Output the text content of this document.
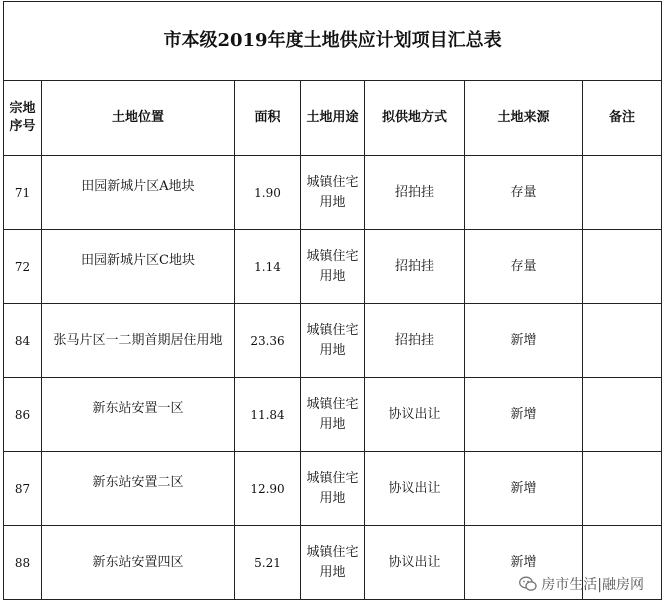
市本级2019年度土地供应计划项目汇总表						
宗地序号	土地位置	面积	土地用途	拟供地方式	土地来源	备注
71	田园新城片区A地块	1.90	城镇住宅用地	招拍挂	存量	
72	田园新城片区C地块	1.14	城镇住宅用地	招拍挂	存量	
84	张马片区一二期首期居住用地	23.36	城镇住宅用地	招拍挂	新增	
86	新东站安置一区	11.84	城镇住宅用地	协议出让	新增	
87	新东站安置二区	12.90	城镇住宅用地	协议出让	新增	
88	新东站安置四区	5.21	城镇住宅用地	协议出让	新增	
房市生活|融房网
